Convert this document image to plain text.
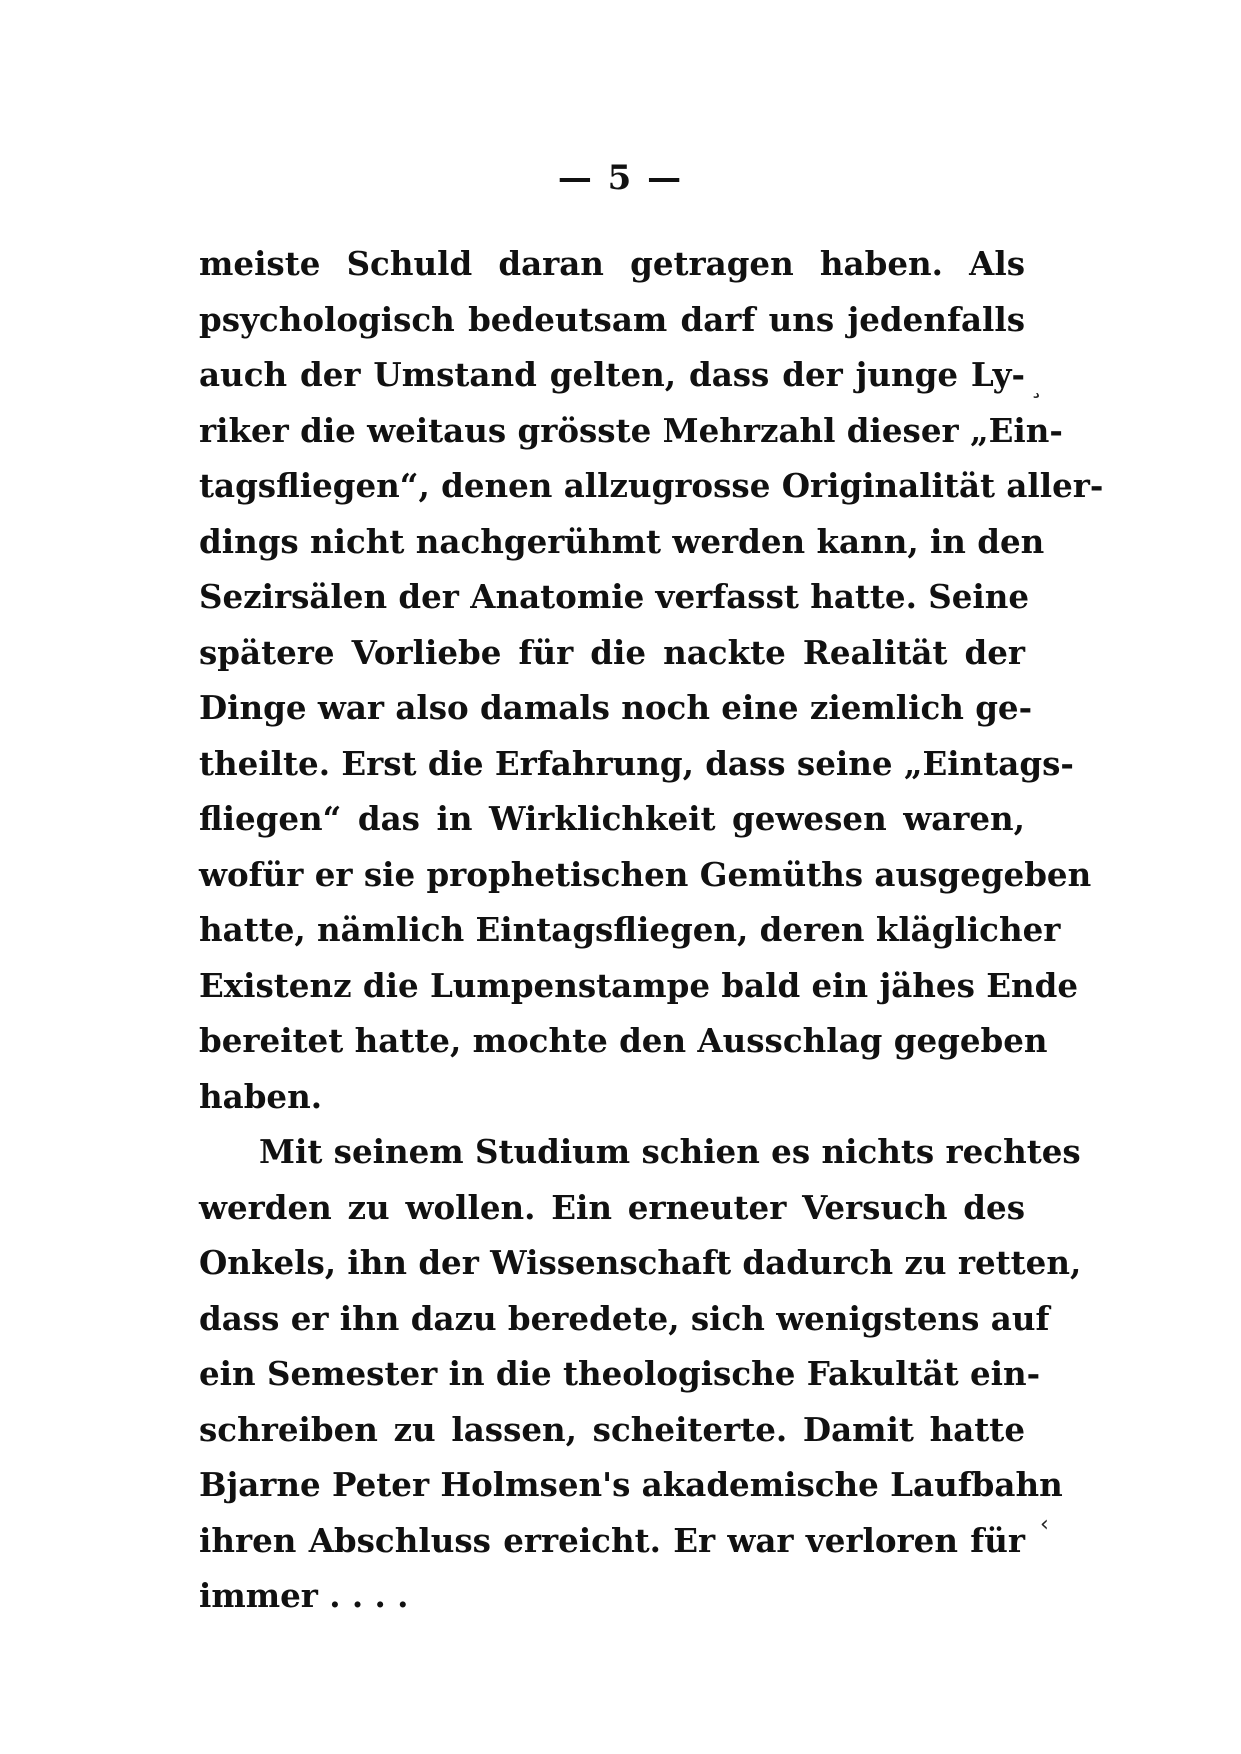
— 5 —
meiste Schuld daran getragen haben. Als
psychologisch bedeutsam darf uns jedenfalls
auch der Umstand gelten, dass der junge Ly-
riker die weitaus grösste Mehrzahl dieser „Ein-
tagsfliegen“, denen allzugrosse Originalität aller-
dings nicht nachgerühmt werden kann, in den
Sezirsälen der Anatomie verfasst hatte. Seine
spätere Vorliebe für die nackte Realität der
Dinge war also damals noch eine ziemlich ge-
theilte. Erst die Erfahrung, dass seine „Eintags-
fliegen“ das in Wirklichkeit gewesen waren,
wofür er sie prophetischen Gemüths ausgegeben
hatte, nämlich Eintagsfliegen, deren kläglicher
Existenz die Lumpenstampe bald ein jähes Ende
bereitet hatte, mochte den Ausschlag gegeben
haben.
Mit seinem Studium schien es nichts rechtes
werden zu wollen. Ein erneuter Versuch des
Onkels, ihn der Wissenschaft dadurch zu retten,
dass er ihn dazu beredete, sich wenigstens auf
ein Semester in die theologische Fakultät ein-
schreiben zu lassen, scheiterte. Damit hatte
Bjarne Peter Holmsen's akademische Laufbahn
ihren Abschluss erreicht. Er war verloren für
immer . . . .
¸
‹
